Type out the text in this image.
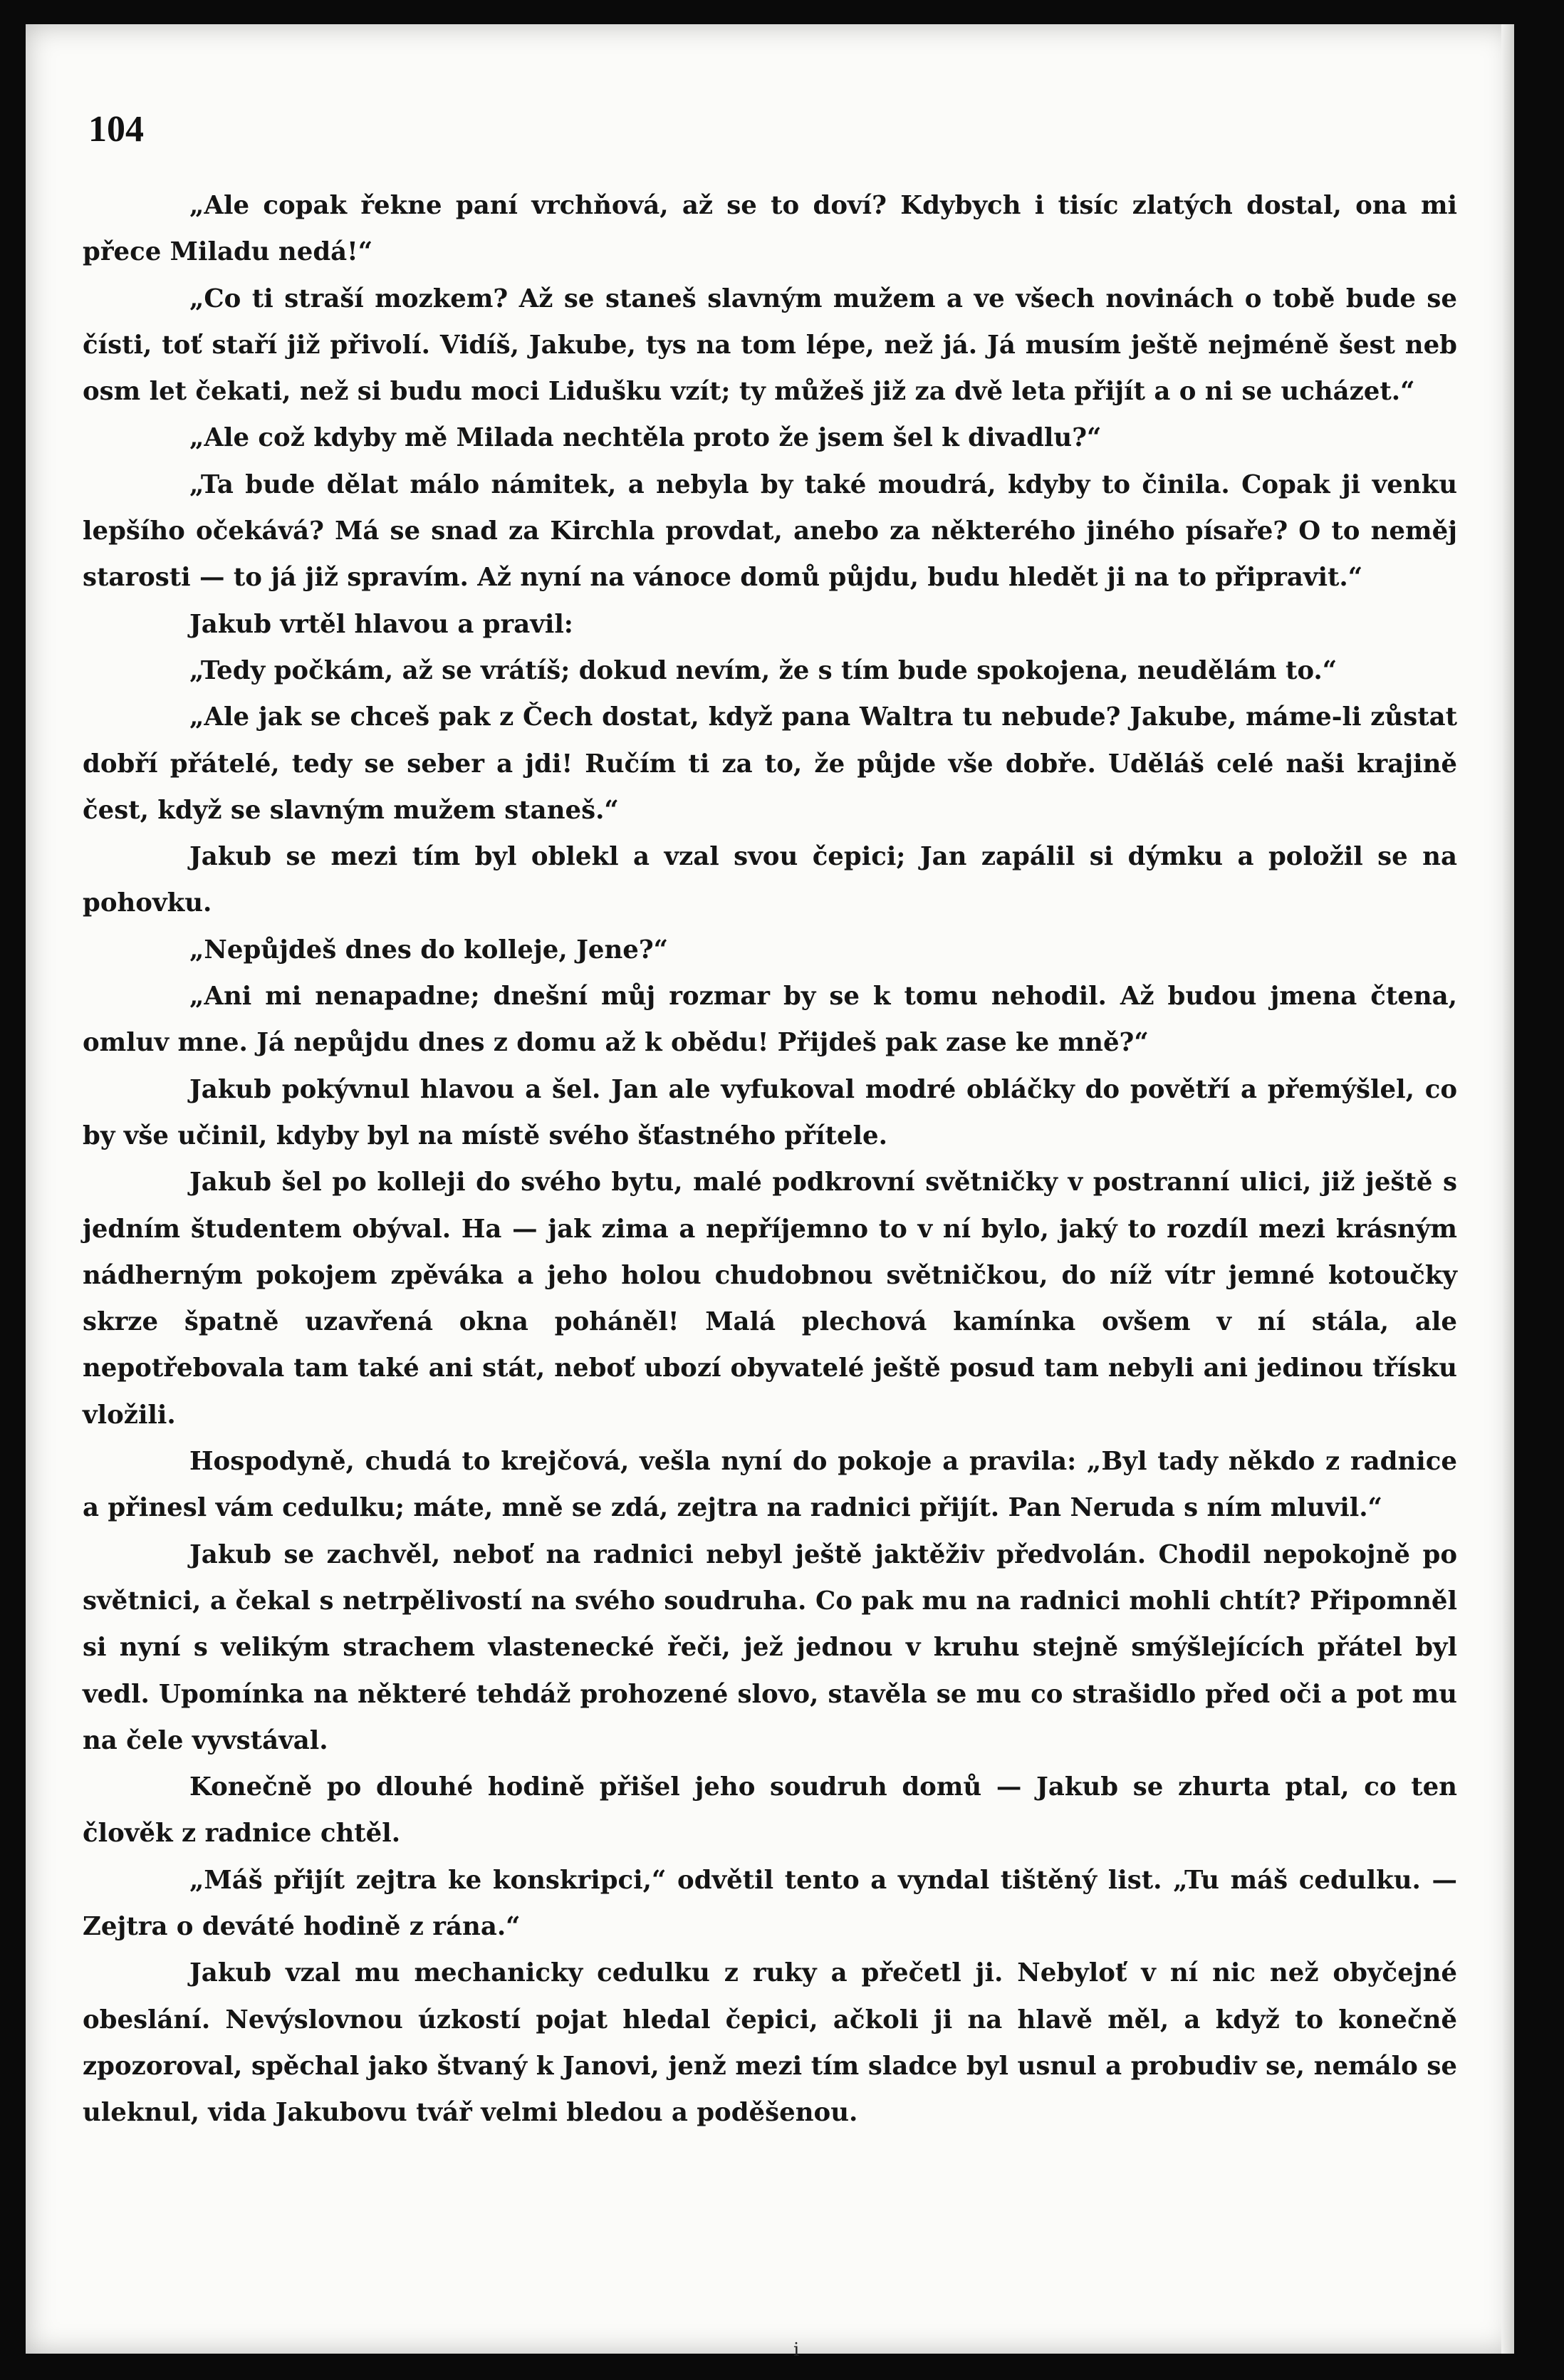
104

„Ale copak řekne paní vrchňová, až se to doví? Kdybych i tisíc zlatých dostal, ona mi přece Miladu nedá!“

„Co ti straší mozkem? Až se staneš slavným mužem a ve všech novinách o tobě bude se čísti, toť staří již přivolí. Vidíš, Jakube, tys na tom lépe, než já. Já musím ještě nejméně šest neb osm let čekati, než si budu moci Lidušku vzít; ty můžeš již za dvě leta přijít a o ni se ucházet.“

„Ale což kdyby mě Milada nechtěla proto že jsem šel k divadlu?“

„Ta bude dělat málo námitek, a nebyla by také moudrá, kdyby to činila. Copak ji venku lepšího očekává? Má se snad za Kirchla provdat, anebo za některého jiného písaře? O to neměj starosti — to já již spravím. Až nyní na vánoce domů půjdu, budu hledět ji na to připravit.“

Jakub vrtěl hlavou a pravil:

„Tedy počkám, až se vrátíš; dokud nevím, že s tím bude spokojena, neudělám to.“

„Ale jak se chceš pak z Čech dostat, když pana Waltra tu nebude? Jakube, máme-li zůstat dobří přátelé, tedy se seber a jdi! Ručím ti za to, že půjde vše dobře. Uděláš celé naši krajině čest, když se slavným mužem staneš.“

Jakub se mezi tím byl oblekl a vzal svou čepici; Jan zapálil si dýmku a položil se na pohovku.

„Nepůjdeš dnes do kolleje, Jene?“

„Ani mi nenapadne; dnešní můj rozmar by se k tomu nehodil. Až budou jmena čtena, omluv mne. Já nepůjdu dnes z domu až k obědu! Přijdeš pak zase ke mně?“

Jakub pokývnul hlavou a šel. Jan ale vyfukoval modré obláčky do povětří a přemýšlel, co by vše učinil, kdyby byl na místě svého šťastného přítele.

Jakub šel po kolleji do svého bytu, malé podkrovní světničky v postranní ulici, již ještě s jedním študentem obýval. Ha — jak zima a nepříjemno to v ní bylo, jaký to rozdíl mezi krásným nádherným pokojem zpěváka a jeho holou chudobnou světničkou, do níž vítr jemné kotoučky skrze špatně uzavřená okna poháněl! Malá plechová kamínka ovšem v ní stála, ale nepotřebovala tam také ani stát, neboť ubozí obyvatelé ještě posud tam nebyli ani jedinou třísku vložili.

Hospodyně, chudá to krejčová, vešla nyní do pokoje a pravila: „Byl tady někdo z radnice a přinesl vám cedulku; máte, mně se zdá, zejtra na radnici přijít. Pan Neruda s ním mluvil.“

Jakub se zachvěl, neboť na radnici nebyl ještě jaktěživ předvolán. Chodil nepokojně po světnici, a čekal s netrpělivostí na svého soudruha. Co pak mu na radnici mohli chtít? Připomněl si nyní s velikým strachem vlastenecké řeči, jež jednou v kruhu stejně smýšlejících přátel byl vedl. Upomínka na některé tehdáž prohozené slovo, stavěla se mu co strašidlo před oči a pot mu na čele vyvstával.

Konečně po dlouhé hodině přišel jeho soudruh domů — Jakub se zhurta ptal, co ten člověk z radnice chtěl.

„Máš přijít zejtra ke konskripci,“ odvětil tento a vyndal tištěný list. „Tu máš cedulku. — Zejtra o deváté hodině z rána.“

Jakub vzal mu mechanicky cedulku z ruky a přečetl ji. Nebyloť v ní nic než obyčejné obeslání. Nevýslovnou úzkostí pojat hledal čepici, ačkoli ji na hlavě měl, a když to konečně zpozoroval, spěchal jako štvaný k Janovi, jenž mezi tím sladce byl usnul a probudiv se, nemálo se uleknul, vida Jakubovu tvář velmi bledou a poděšenou.

i
